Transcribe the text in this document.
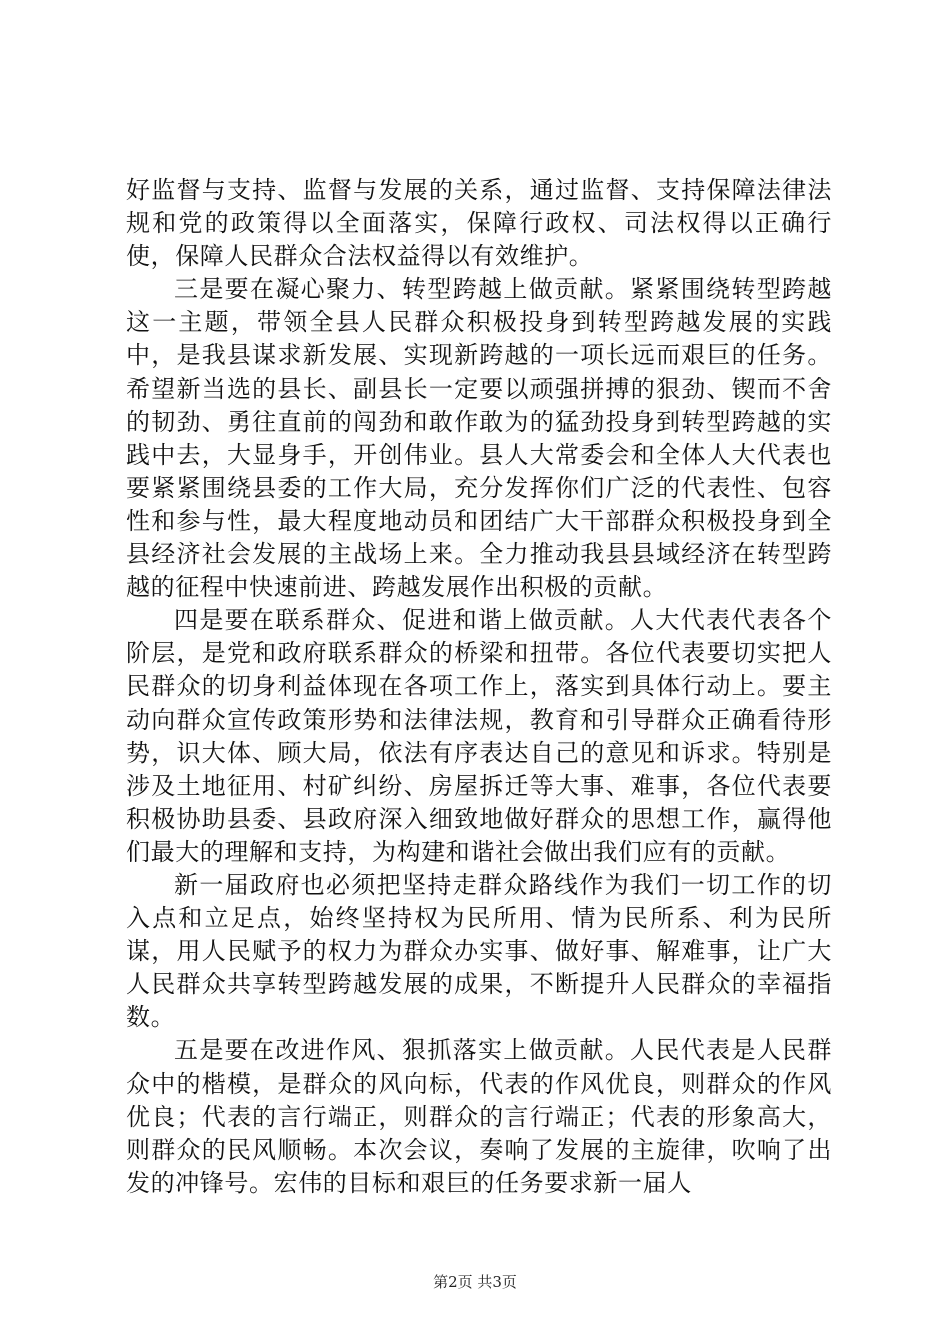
好监督与支持、监督与发展的关系，通过监督、支持保障法律法规和党的政策得以全面落实，保障行政权、司法权得以正确行使，保障人民群众合法权益得以有效维护。

三是要在凝心聚力、转型跨越上做贡献。紧紧围绕转型跨越这一主题，带领全县人民群众积极投身到转型跨越发展的实践中，是我县谋求新发展、实现新跨越的一项长远而艰巨的任务。希望新当选的县长、副县长一定要以顽强拼搏的狠劲、锲而不舍的韧劲、勇往直前的闯劲和敢作敢为的猛劲投身到转型跨越的实践中去，大显身手，开创伟业。县人大常委会和全体人大代表也要紧紧围绕县委的工作大局，充分发挥你们广泛的代表性、包容性和参与性，最大程度地动员和团结广大干部群众积极投身到全县经济社会发展的主战场上来。全力推动我县县域经济在转型跨越的征程中快速前进、跨越发展作出积极的贡献。

四是要在联系群众、促进和谐上做贡献。人大代表代表各个阶层，是党和政府联系群众的桥梁和扭带。各位代表要切实把人民群众的切身利益体现在各项工作上，落实到具体行动上。要主动向群众宣传政策形势和法律法规，教育和引导群众正确看待形势，识大体、顾大局，依法有序表达自己的意见和诉求。特别是涉及土地征用、村矿纠纷、房屋拆迁等大事、难事，各位代表要积极协助县委、县政府深入细致地做好群众的思想工作，赢得他们最大的理解和支持，为构建和谐社会做出我们应有的贡献。

新一届政府也必须把坚持走群众路线作为我们一切工作的切入点和立足点，始终坚持权为民所用、情为民所系、利为民所谋，用人民赋予的权力为群众办实事、做好事、解难事，让广大人民群众共享转型跨越发展的成果，不断提升人民群众的幸福指数。

五是要在改进作风、狠抓落实上做贡献。人民代表是人民群众中的楷模，是群众的风向标，代表的作风优良，则群众的作风优良；代表的言行端正，则群众的言行端正；代表的形象高大，则群众的民风顺畅。本次会议，奏响了发展的主旋律，吹响了出发的冲锋号。宏伟的目标和艰巨的任务要求新一届人

第2页 共3页
